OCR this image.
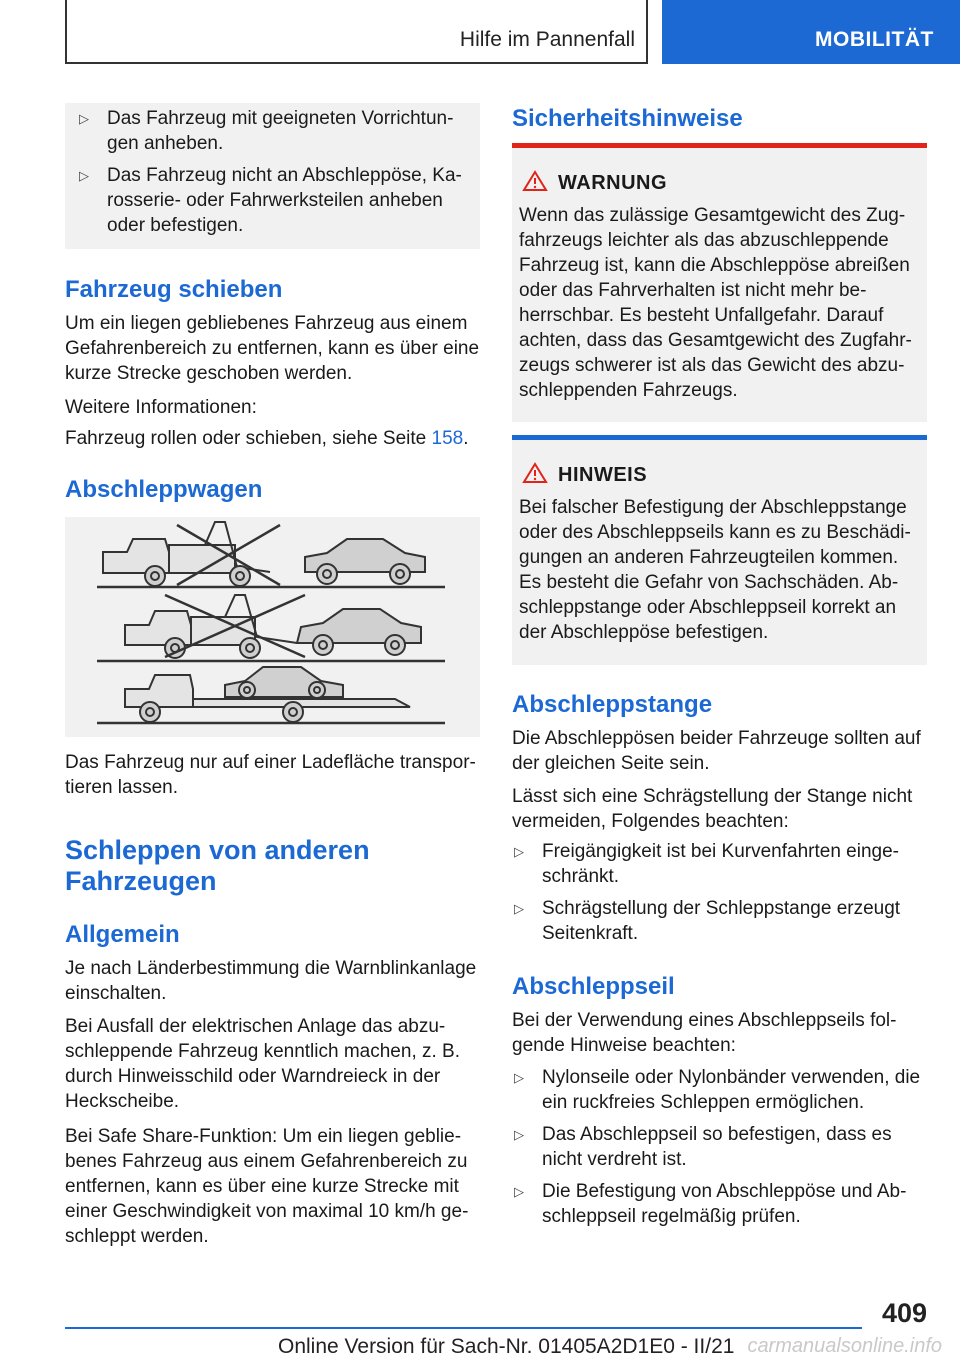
Hilfe im Pannenfall	MOBILITÄT
▷ Das Fahrzeug mit geeigneten Vorrichtun-
gen anheben.
▷ Das Fahrzeug nicht an Abschleppöse, Ka-
rosserie- oder Fahrwerksteilen anheben
oder befestigen.
Fahrzeug schieben
Um ein liegen gebliebenes Fahrzeug aus einem
Gefahrenbereich zu entfernen, kann es über eine
kurze Strecke geschoben werden.
Weitere Informationen:
Fahrzeug rollen oder schieben, siehe Seite 158.
Abschleppwagen
Das Fahrzeug nur auf einer Ladefläche transpor-
tieren lassen.
Schleppen von anderen
Fahrzeugen
Allgemein
Je nach Länderbestimmung die Warnblinkanlage
einschalten.
Bei Ausfall der elektrischen Anlage das abzu-
schleppende Fahrzeug kenntlich machen, z. B.
durch Hinweisschild oder Warndreieck in der
Heckscheibe.
Bei Safe Share-Funktion: Um ein liegen geblie-
benes Fahrzeug aus einem Gefahrenbereich zu
entfernen, kann es über eine kurze Strecke mit
einer Geschwindigkeit von maximal 10 km/h ge-
schleppt werden.
Sicherheitshinweise
WARNUNG
Wenn das zulässige Gesamtgewicht des Zug-
fahrzeugs leichter als das abzuschleppende
Fahrzeug ist, kann die Abschleppöse abreißen
oder das Fahrverhalten ist nicht mehr be-
herrschbar. Es besteht Unfallgefahr. Darauf
achten, dass das Gesamtgewicht des Zugfahr-
zeugs schwerer ist als das Gewicht des abzu-
schleppenden Fahrzeugs.
HINWEIS
Bei falscher Befestigung der Abschleppstange
oder des Abschleppseils kann es zu Beschädi-
gungen an anderen Fahrzeugteilen kommen.
Es besteht die Gefahr von Sachschäden. Ab-
schleppstange oder Abschleppseil korrekt an
der Abschleppöse befestigen.
Abschleppstange
Die Abschleppösen beider Fahrzeuge sollten auf
der gleichen Seite sein.
Lässt sich eine Schrägstellung der Stange nicht
vermeiden, Folgendes beachten:
▷ Freigängigkeit ist bei Kurvenfahrten einge-
schränkt.
▷ Schrägstellung der Schleppstange erzeugt
Seitenkraft.
Abschleppseil
Bei der Verwendung eines Abschleppseils fol-
gende Hinweise beachten:
▷ Nylonseile oder Nylonbänder verwenden, die
ein ruckfreies Schleppen ermöglichen.
▷ Das Abschleppseil so befestigen, dass es
nicht verdreht ist.
▷ Die Befestigung von Abschleppöse und Ab-
schleppseil regelmäßig prüfen.
409
Online Version für Sach-Nr. 01405A2D1E0 - II/21 carmanualsonline.info
